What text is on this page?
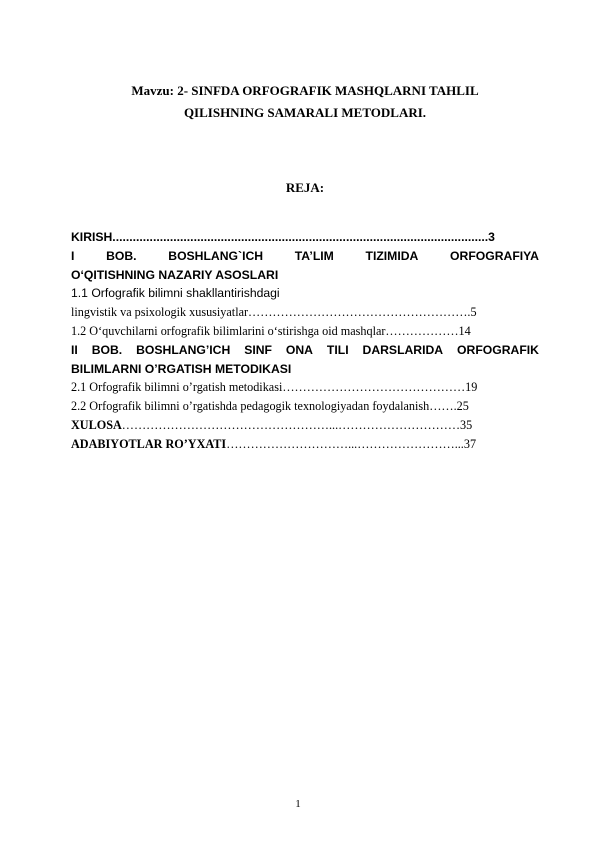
Mavzu: 2- SINFDA ORFOGRAFIK MASHQLARNI TAHLIL
QILISHNING SAMARALI METODLARI.
REJA:
KIRISH...............................................................................................................3
I	BOB.	BOSHLANG`ICH	TA’LIM	TIZIMIDA	ORFOGRAFIYA
O‘QITISHNING NAZARIY ASOSLARI
1.1 Orfografik bilimni shakllantirishdagi
lingvistik va psixologik xususiyatlar……………………………………………….5
1.2 O‘quvchilarni orfografik bilimlarini o‘stirishga oid mashqlar………………14
II BOB. BOSHLANG’ICH SINF ONA TILI DARSLARIDA ORFOGRAFIK
BILIMLARNI O’RGATISH METODIKASI
2.1 Orfografik bilimni o’rgatish metodikasi………………………………………19
2.2 Orfografik bilimni o’rgatishda pedagogik texnologiyadan foydalanish…….25
XULOSA……………………………………………...…………………………35
ADABIYOTLAR RO’YXATI…………………………...……………………...37
1
